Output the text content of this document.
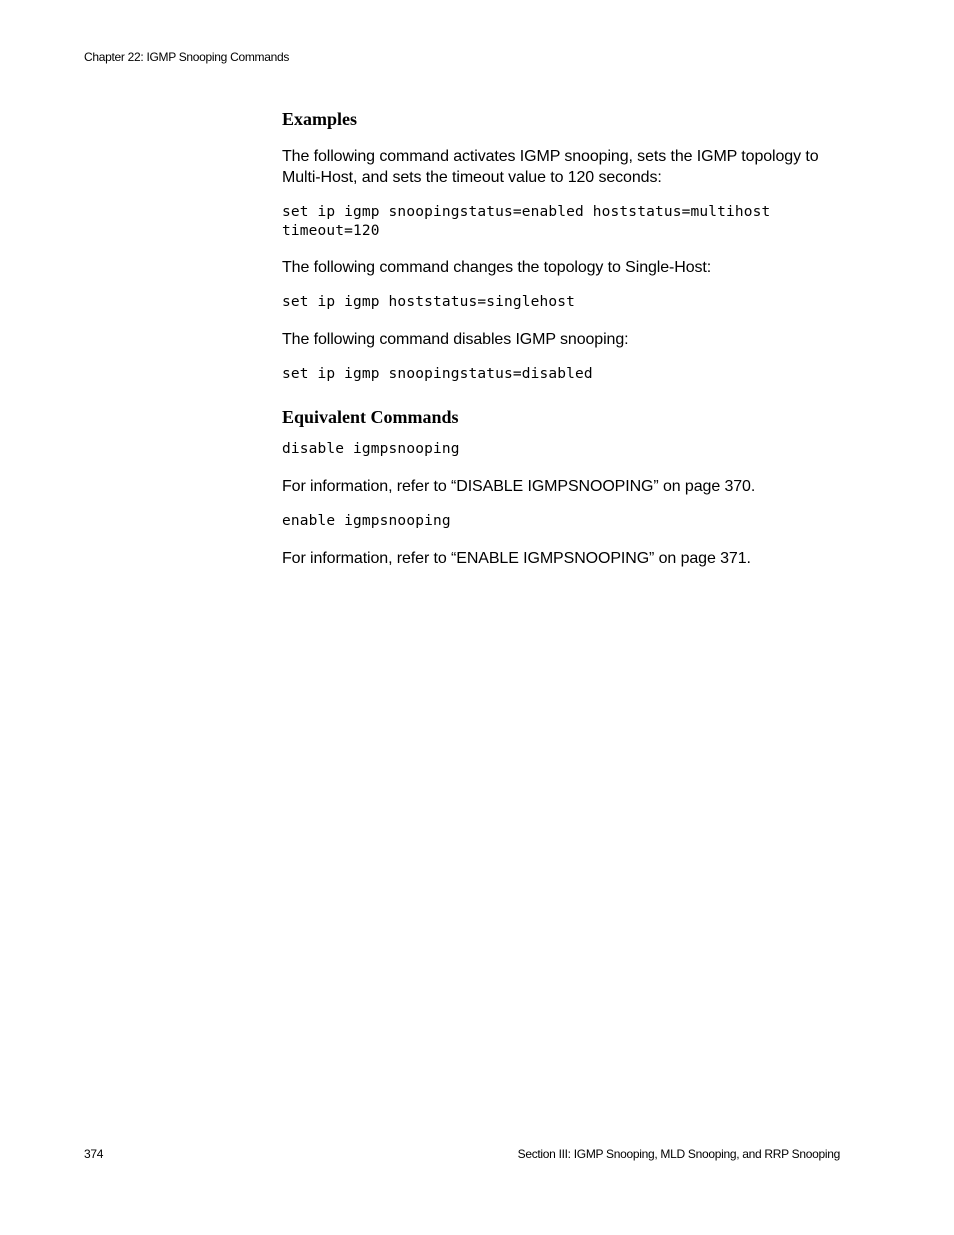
Chapter 22: IGMP Snooping Commands
Examples

The following command activates IGMP snooping, sets the IGMP topology to Multi-Host, and sets the timeout value to 120 seconds:

set ip igmp snoopingstatus=enabled hoststatus=multihost
timeout=120

The following command changes the topology to Single-Host:

set ip igmp hoststatus=singlehost

The following command disables IGMP snooping:

set ip igmp snoopingstatus=disabled
Equivalent Commands
disable igmpsnooping

For information, refer to “DISABLE IGMPSNOOPING” on page 370.

enable igmpsnooping

For information, refer to “ENABLE IGMPSNOOPING” on page 371.

374	Section III: IGMP Snooping, MLD Snooping, and RRP Snooping
